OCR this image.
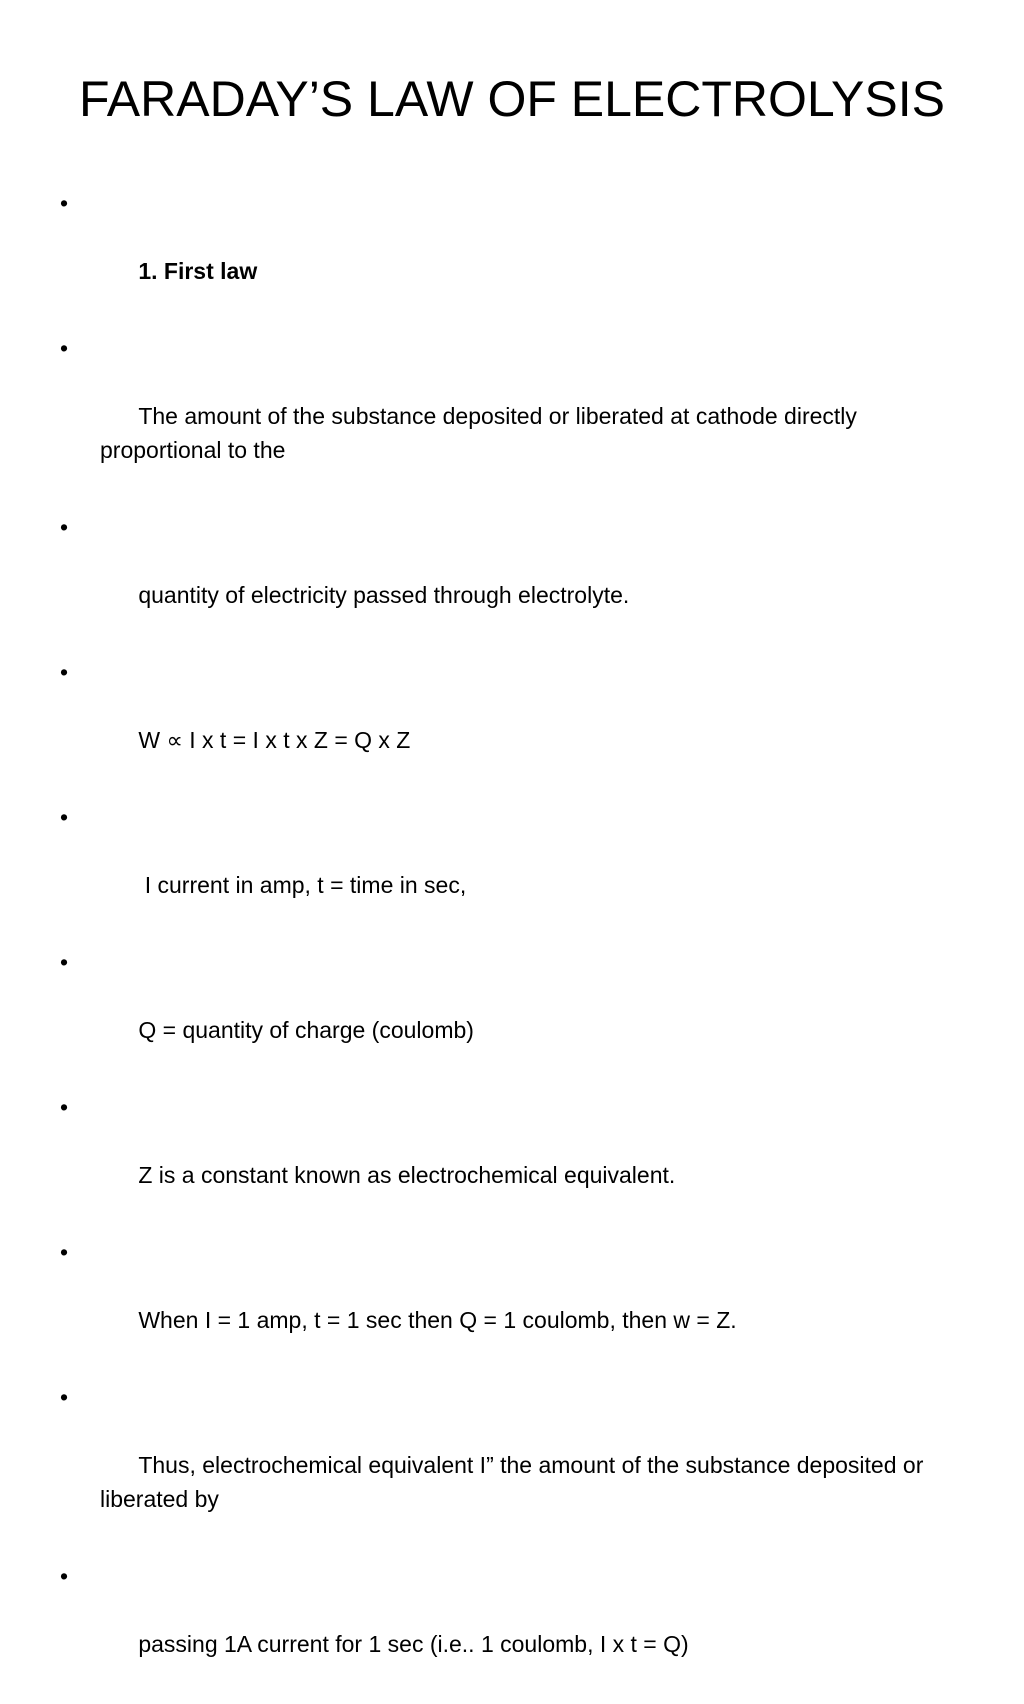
FARADAY’S LAW OF ELECTROLYSIS

•

1. First law

•

The amount of the substance deposited or liberated at cathode directly proportional to the

•

quantity of electricity passed through electrolyte.

•

W ∝ I x t = I x t x Z = Q x Z

•

I current in amp, t = time in sec,

•

Q = quantity of charge (coulomb)

•

Z is a constant known as electrochemical equivalent.

•

When I = 1 amp, t = 1 sec then Q = 1 coulomb, then w = Z.

•

Thus, electrochemical equivalent I” the amount of the substance deposited or liberated by

•

passing 1A current for 1 sec (i.e.. 1 coulomb, I x t = Q)
